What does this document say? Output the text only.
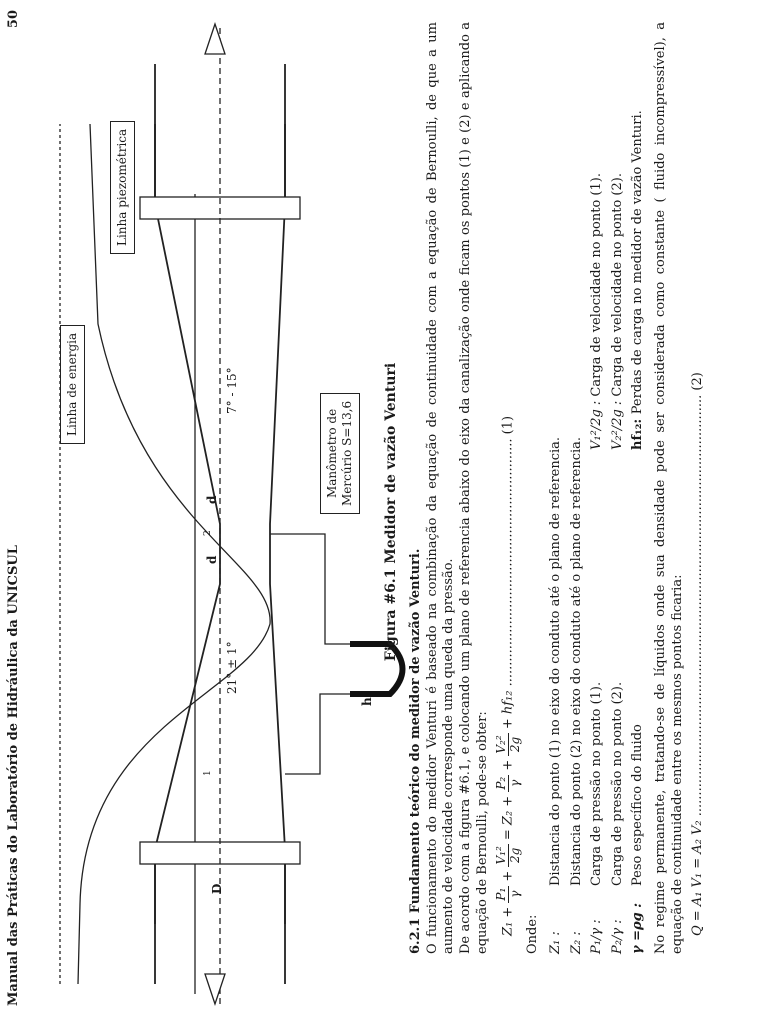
Manual das Práticas do Laboratório de Hidráulica da UNICSUL
50
Linha de energia
Linha piezométrica
Manômetro de
Mercúrio S=13,6
21° ± 1°
7° - 15°
D
d
d
h
1
2	Figura #6.1 Medidor de vazão Venturi
6.2.1 Fundamento teórico do medidor de vazão Venturi. O funcionamento do medidor Venturi é baseado na combinação da equação de continuidade com a equação de Bernoulli, de que a um aumento de velocidade corresponde uma queda da pressão. De acordo com a figura #6.1, e colocando um plano de referencia abaixo do eixo da canalização onde ficam os pontos (1) e (2) e aplicando a equação de Bernoulli, pode-se obter: Z₁ +
P₁ γ
+
V₁² 2g
= Z₂ +
P₂ γ
+
V₂² 2g
+ hf₁₂ ............................................................ (1)
Onde: Z₁ :
Distancia do ponto (1) no eixo do conduto até o plano de referencia.
Z₂ :
Distancia do ponto (2) no eixo do conduto até o plano de referencia.
P₁/γ :
Carga de pressão no ponto (1).
V₁²/2g : Carga de velocidade no ponto (1).
P₂/γ :
Carga de pressão no ponto (2).
V₂²/2g : Carga de velocidade no ponto (2).
γ =ρg :
Peso específico do fluido
hf₁₂: Perdas de carga no medidor de vazão Venturi. No regime permanente, tratando-se de líquidos onde sua densidade pode ser considerada como constante ( fluido incompressível), a equação de continuidade entre os mesmos pontos ficaria: Q = A₁ V₁ = A₂ V₂ ...................................................................................................... (2)
